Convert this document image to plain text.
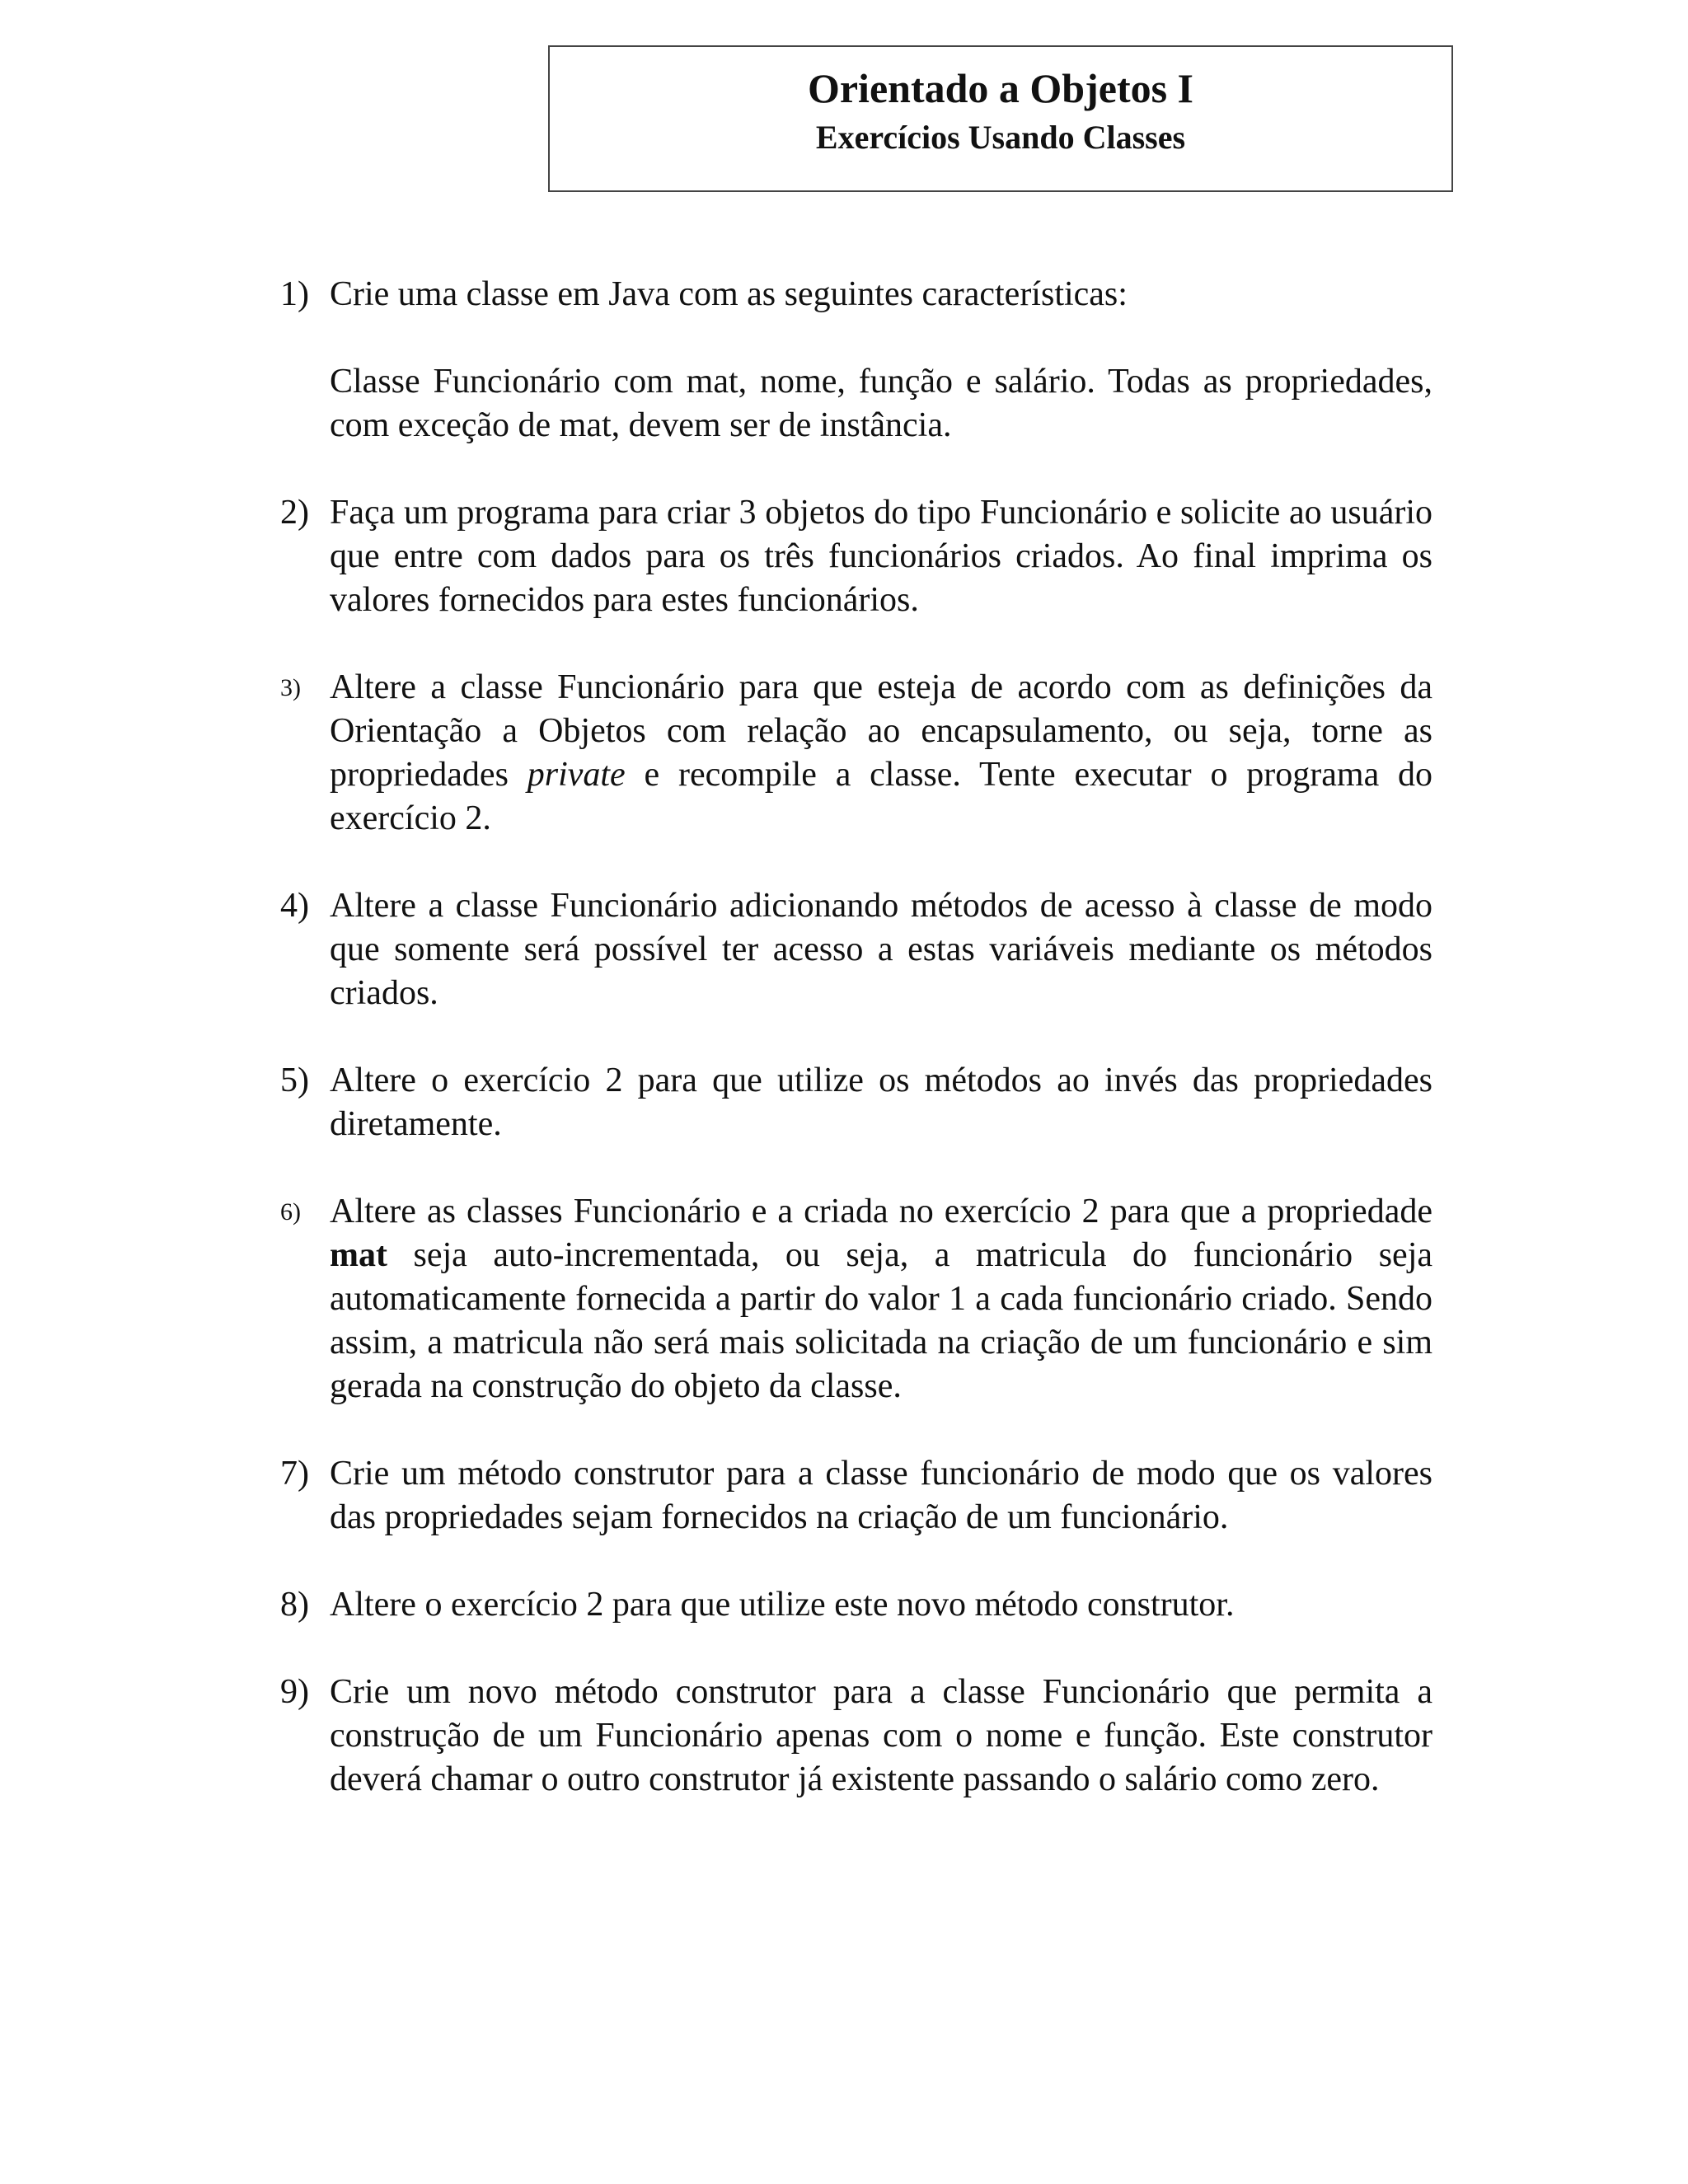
Orientado a Objetos I
Exercícios Usando Classes
1) Crie uma classe em Java com as seguintes características:
Classe Funcionário com mat, nome, função e salário. Todas as propriedades, com exceção de mat, devem ser de instância.
2) Faça um programa para criar 3 objetos do tipo Funcionário e solicite ao usuário que entre com dados para os três funcionários criados. Ao final imprima os valores fornecidos para estes funcionários.
3) Altere a classe Funcionário para que esteja de acordo com as definições da Orientação a Objetos com relação ao encapsulamento, ou seja, torne as propriedades private e recompile a classe. Tente executar o programa do exercício 2.
4) Altere a classe Funcionário adicionando métodos de acesso à classe de modo que somente será possível ter acesso a estas variáveis mediante os métodos criados.
5) Altere o exercício 2 para que utilize os métodos ao invés das propriedades diretamente.
6) Altere as classes Funcionário e a criada no exercício 2 para que a propriedade mat seja auto-incrementada, ou seja, a matricula do funcionário seja automaticamente fornecida a partir do valor 1 a cada funcionário criado. Sendo assim, a matricula não será mais solicitada na criação de um funcionário e sim gerada na construção do objeto da classe.
7) Crie um método construtor para a classe funcionário de modo que os valores das propriedades sejam fornecidos na criação de um funcionário.
8) Altere o exercício 2 para que utilize este novo método construtor.
9) Crie um novo método construtor para a classe Funcionário que permita a construção de um Funcionário apenas com o nome e função. Este construtor deverá chamar o outro construtor já existente passando o salário como zero.
